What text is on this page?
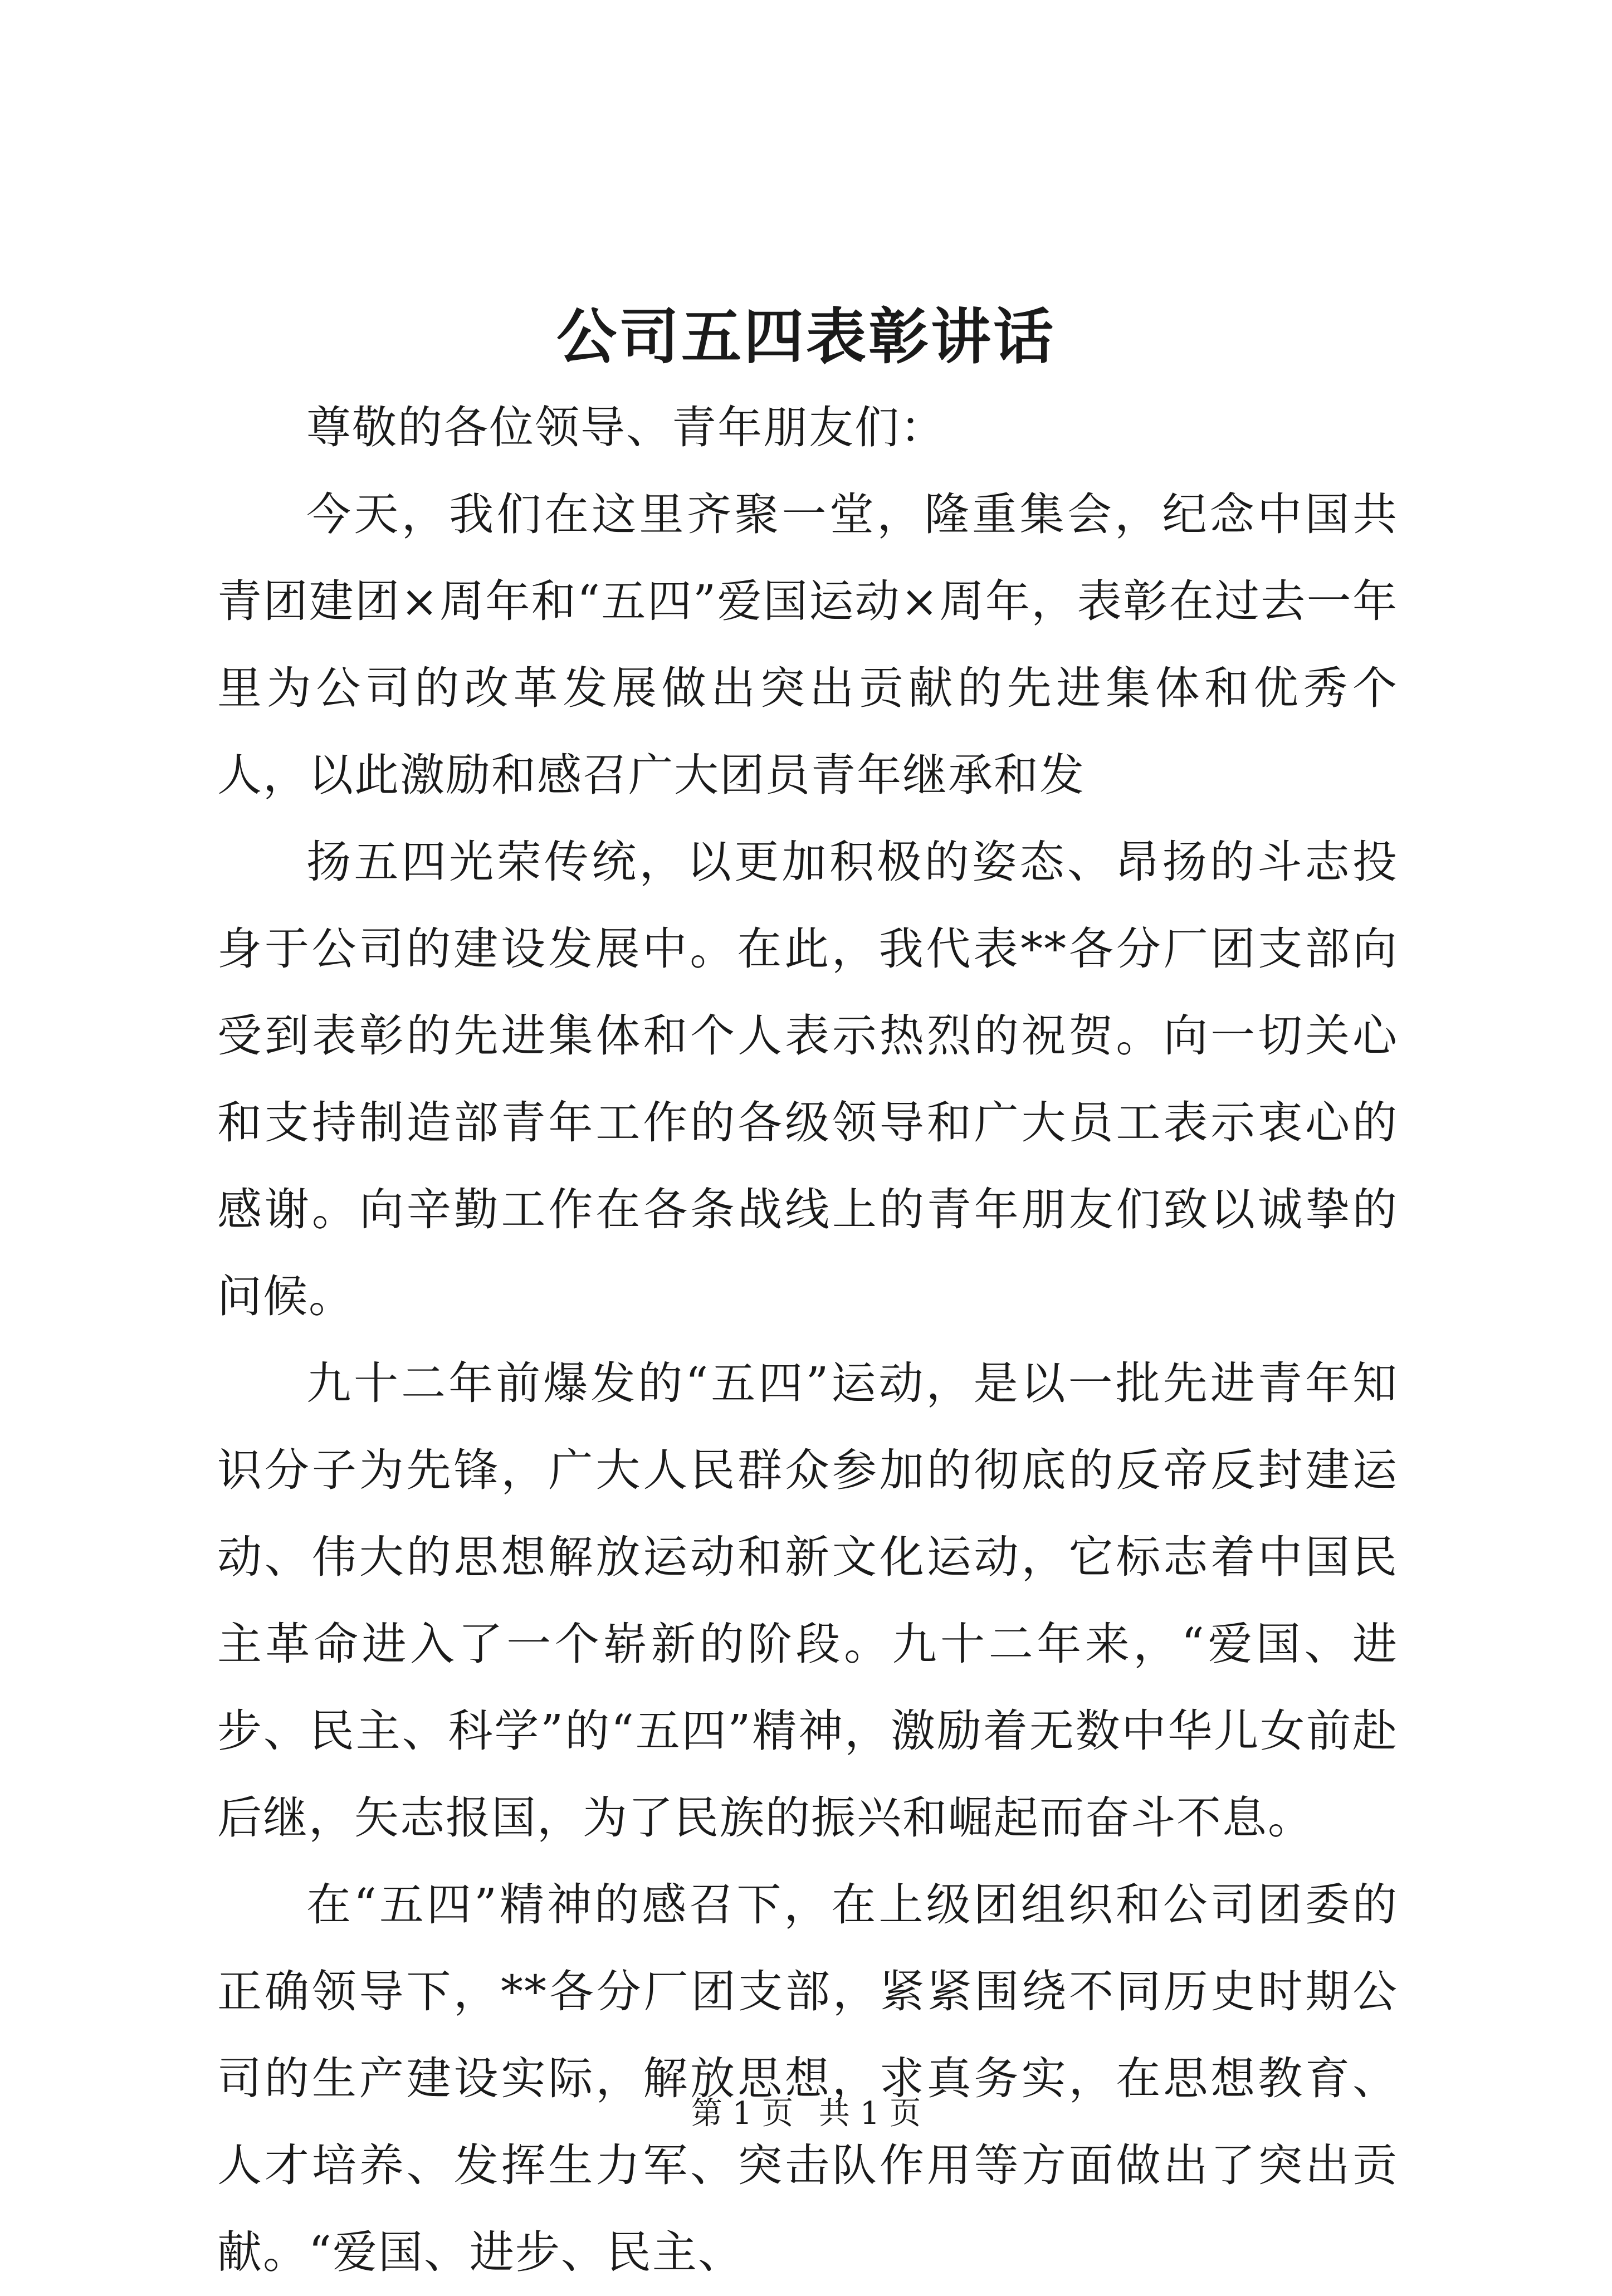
公司五四表彰讲话

尊敬的各位领导、青年朋友们：

今天，我们在这里齐聚一堂，隆重集会，纪念中国共青团建团×周年和“五四”爱国运动×周年，表彰在过去一年里为公司的改革发展做出突出贡献的先进集体和优秀个人，以此激励和感召广大团员青年继承和发

扬五四光荣传统，以更加积极的姿态、昂扬的斗志投身于公司的建设发展中。在此，我代表**各分厂团支部向受到表彰的先进集体和个人表示热烈的祝贺。向一切关心和支持制造部青年工作的各级领导和广大员工表示衷心的感谢。向辛勤工作在各条战线上的青年朋友们致以诚挚的问候。

九十二年前爆发的“五四”运动，是以一批先进青年知识分子为先锋，广大人民群众参加的彻底的反帝反封建运动、伟大的思想解放运动和新文化运动，它标志着中国民主革命进入了一个崭新的阶段。九十二年来，“爱国、进步、民主、科学”的“五四”精神，激励着无数中华儿女前赴后继，矢志报国，为了民族的振兴和崛起而奋斗不息。

在“五四”精神的感召下，在上级团组织和公司团委的正确领导下，**各分厂团支部，紧紧围绕不同历史时期公司的生产建设实际，解放思想，求真务实，在思想教育、人才培养、发挥生力军、突击队作用等方面做出了突出贡献。“爱国、进步、民主、

第 1 页 共 1 页
